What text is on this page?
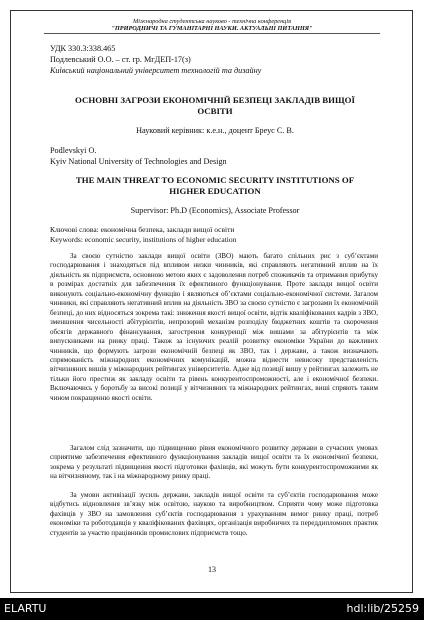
Міжнародна студентська науково - технічна конференція
"ПРИРОДНИЧІ ТА ГУМАНІТАРНІ НАУКИ. АКТУАЛЬНІ ПИТАННЯ"
УДК 330.3:338.465
Подлевський О.О. – ст. гр. МгДЕП-17(з)
Київський національний університет технологій та дизайну
ОСНОВНІ ЗАГРОЗИ ЕКОНОМІЧНІЙ БЕЗПЕЦІ ЗАКЛАДІВ ВИЩОЇ
ОСВІТИ
Науковий керівник: к.е.н., доцент Бреус С. В.
Podlevskyi O.
Kyiv National University of Technologies and Design
THE MAIN THREAT TO ECONOMIC SECURITY INSTITUTIONS OF
HIGHER EDUCATION
Supervisor: Ph.D (Economics), Associate Professor
Ключові слова: економічна безпека, заклади вищої освіти
Keywords: economic security, institutions of higher education

За своєю сутністю заклади вищої освіти (ЗВО) мають багато спільних рис з суб’єктами господарювання і знаходяться під впливом низки чинників, які справляють негативний вплив на їх діяльність як підприємств, основною метою яких є задоволення потреб споживачів та отримання прибутку в розмірах достатніх для забезпечення їх ефективного функціонування. Проте заклади вищої освіти виконують соціально-економічну функцію і являються об’єктами соціально-економічної системи. Загалом чинники, які справляють негативний вплив на діяльність ЗВО за своєю сутністю є загрозами їх економічній безпеці, до них відносяться зокрема такі: зниження якості вищої освіти, відтік кваліфікованих кадрів з ЗВО, зменшення чисельності абітурієнтів, непрозорий механізм розподілу бюджетних коштів та скорочення обсягів державного фінансування, загострення конкуренції між вишами за абітурієнтів та між випускниками на ринку праці. Також за існуючих реалій розвитку економіки України до важливих чинників, що формують загрози економічній безпеці як ЗВО, так і держави, а також визначають спрямованість міжнародних економічних комунікацій, можна віднести невисоку представленість вітчизняних вишів у міжнародних рейтингах університетів. Адже від позиції вишу у рейтингах залежить не тільки його престиж як закладу освіти та рівень конкурентоспроможності, але і економічної безпеки. Включаючись у боротьбу за високі позиції у вітчизняних та міжнародних рейтингах, виші спряють таким чином покращенню якості освіти.

Загалом слід зазначити, що підвищенню рівня економічного розвитку держави в сучасних умовах сприятиме забезпечення ефективного функціонування закладів вищої освіти та їх економічної безпеки, зокрема у результаті підвищення якості підготовки фахівців, які можуть бути конкурентоспроможними як на вітчизняному, так і на міжнародному ринку праці.

За умови активізації зусиль держави, закладів вищої освіти та суб’єктів господарювання може відбутись відновлення зв’язку між освітою, наукою та виробництвом. Сприяти чому може підготовка фахівців у ЗВО на замовлення суб’єктів господарювання з урахуванням вимог ринку праці, потреб економіки та роботодавців у кваліфікованих фахівцях, організація виробничих та переддипломних практик студентів за участю працівників промислових підприємств тощо.

13
ELARTU	hdl:lib/25259
